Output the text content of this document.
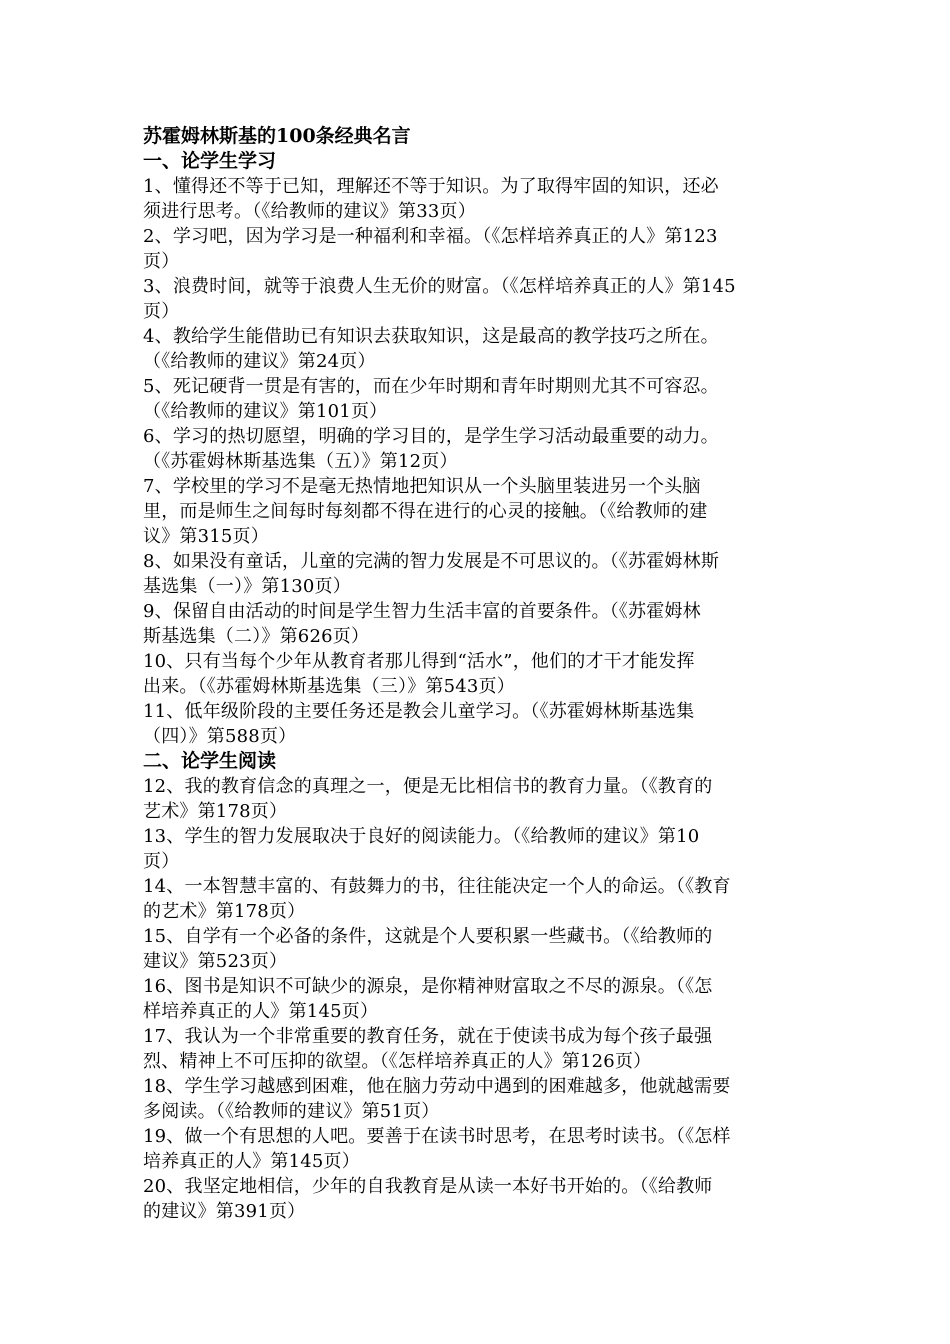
苏霍姆林斯基的100条经典名言
一、论学生学习
1、懂得还不等于已知，理解还不等于知识。为了取得牢固的知识，还必
须进行思考。（《给教师的建议》第33页）
2、学习吧，因为学习是一种福利和幸福。（《怎样培养真正的人》第123
页）
3、浪费时间，就等于浪费人生无价的财富。（《怎样培养真正的人》第145
页）
4、教给学生能借助已有知识去获取知识，这是最高的教学技巧之所在。
（《给教师的建议》第24页）
5、死记硬背一贯是有害的，而在少年时期和青年时期则尤其不可容忍。
（《给教师的建议》第101页）
6、学习的热切愿望，明确的学习目的，是学生学习活动最重要的动力。
（《苏霍姆林斯基选集（五）》第12页）
7、学校里的学习不是毫无热情地把知识从一个头脑里装进另一个头脑
里，而是师生之间每时每刻都不得在进行的心灵的接触。（《给教师的建
议》第315页）
8、如果没有童话，儿童的完满的智力发展是不可思议的。（《苏霍姆林斯
基选集（一）》第130页）
9、保留自由活动的时间是学生智力生活丰富的首要条件。（《苏霍姆林
斯基选集（二）》第626页）
10、只有当每个少年从教育者那儿得到“活水”，他们的才干才能发挥
出来。（《苏霍姆林斯基选集（三）》第543页）
11、低年级阶段的主要任务还是教会儿童学习。（《苏霍姆林斯基选集
（四）》第588页）
二、论学生阅读
12、我的教育信念的真理之一，便是无比相信书的教育力量。（《教育的
艺术》第178页）
13、学生的智力发展取决于良好的阅读能力。（《给教师的建议》第10
页）
14、一本智慧丰富的、有鼓舞力的书，往往能决定一个人的命运。（《教育
的艺术》第178页）
15、自学有一个必备的条件，这就是个人要积累一些藏书。（《给教师的
建议》第523页）
16、图书是知识不可缺少的源泉，是你精神财富取之不尽的源泉。（《怎
样培养真正的人》第145页）
17、我认为一个非常重要的教育任务，就在于使读书成为每个孩子最强
烈、精神上不可压抑的欲望。（《怎样培养真正的人》第126页）
18、学生学习越感到困难，他在脑力劳动中遇到的困难越多，他就越需要
多阅读。（《给教师的建议》第51页）
19、做一个有思想的人吧。要善于在读书时思考，在思考时读书。（《怎样
培养真正的人》第145页）
20、我坚定地相信，少年的自我教育是从读一本好书开始的。（《给教师
的建议》第391页）
